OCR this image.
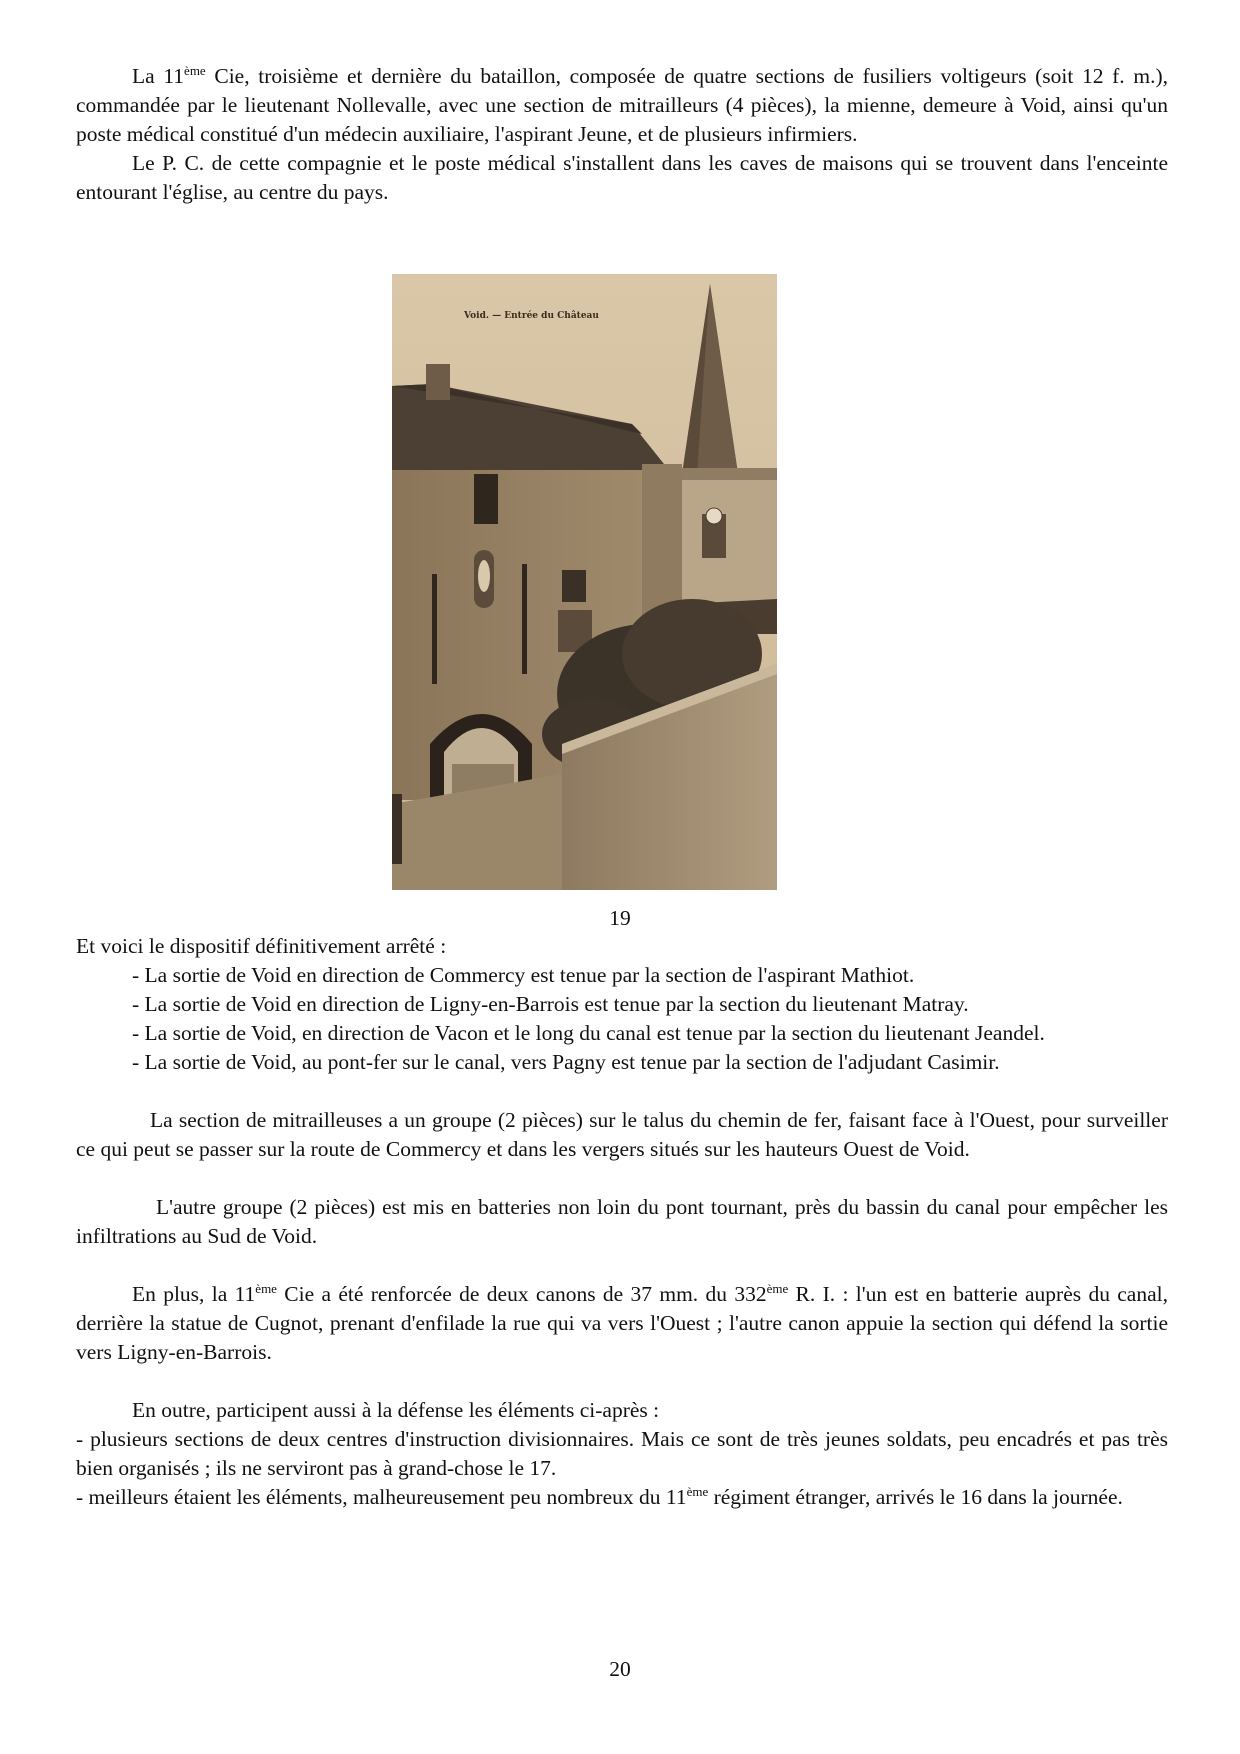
La 11ème Cie, troisième et dernière du bataillon, composée de quatre sections de fusiliers voltigeurs (soit 12 f. m.), commandée par le lieutenant Nollevalle, avec une section de mitrailleurs (4 pièces), la mienne, demeure à Void, ainsi qu'un poste médical constitué d'un médecin auxiliaire, l'aspirant Jeune, et de plusieurs infirmiers.

Le P. C. de cette compagnie et le poste médical s'installent dans les caves de maisons qui se trouvent dans l'enceinte entourant l'église, au centre du pays.

Void. — Entrée du Château
19

Et voici le dispositif définitivement arrêté :

- La sortie de Void en direction de Commercy est tenue par la section de l'aspirant Mathiot.

- La sortie de Void en direction de Ligny-en-Barrois est tenue par la section du lieutenant Matray.

- La sortie de Void, en direction de Vacon et le long du canal est tenue par la section du lieutenant Jeandel.

- La sortie de Void, au pont-fer sur le canal, vers Pagny est tenue par la section de l'adjudant Casimir.

La section de mitrailleuses a un groupe (2 pièces) sur le talus du chemin de fer, faisant face à l'Ouest, pour surveiller ce qui peut se passer sur la route de Commercy et dans les vergers situés sur les hauteurs Ouest de Void.

L'autre groupe (2 pièces) est mis en batteries non loin du pont tournant, près du bassin du canal pour empêcher les infiltrations au Sud de Void.

En plus, la 11ème Cie a été renforcée de deux canons de 37 mm. du 332ème R. I. : l'un est en batterie auprès du canal, derrière la statue de Cugnot, prenant d'enfilade la rue qui va vers l'Ouest ; l'autre canon appuie la section qui défend la sortie vers Ligny-en-Barrois.

En outre, participent aussi à la défense les éléments ci-après :

- plusieurs sections de deux centres d'instruction divisionnaires. Mais ce sont de très jeunes soldats, peu encadrés et pas très bien organisés ; ils ne serviront pas à grand-chose le 17.

- meilleurs étaient les éléments, malheureusement peu nombreux du 11ème régiment étranger, arrivés le 16 dans la journée.

20
